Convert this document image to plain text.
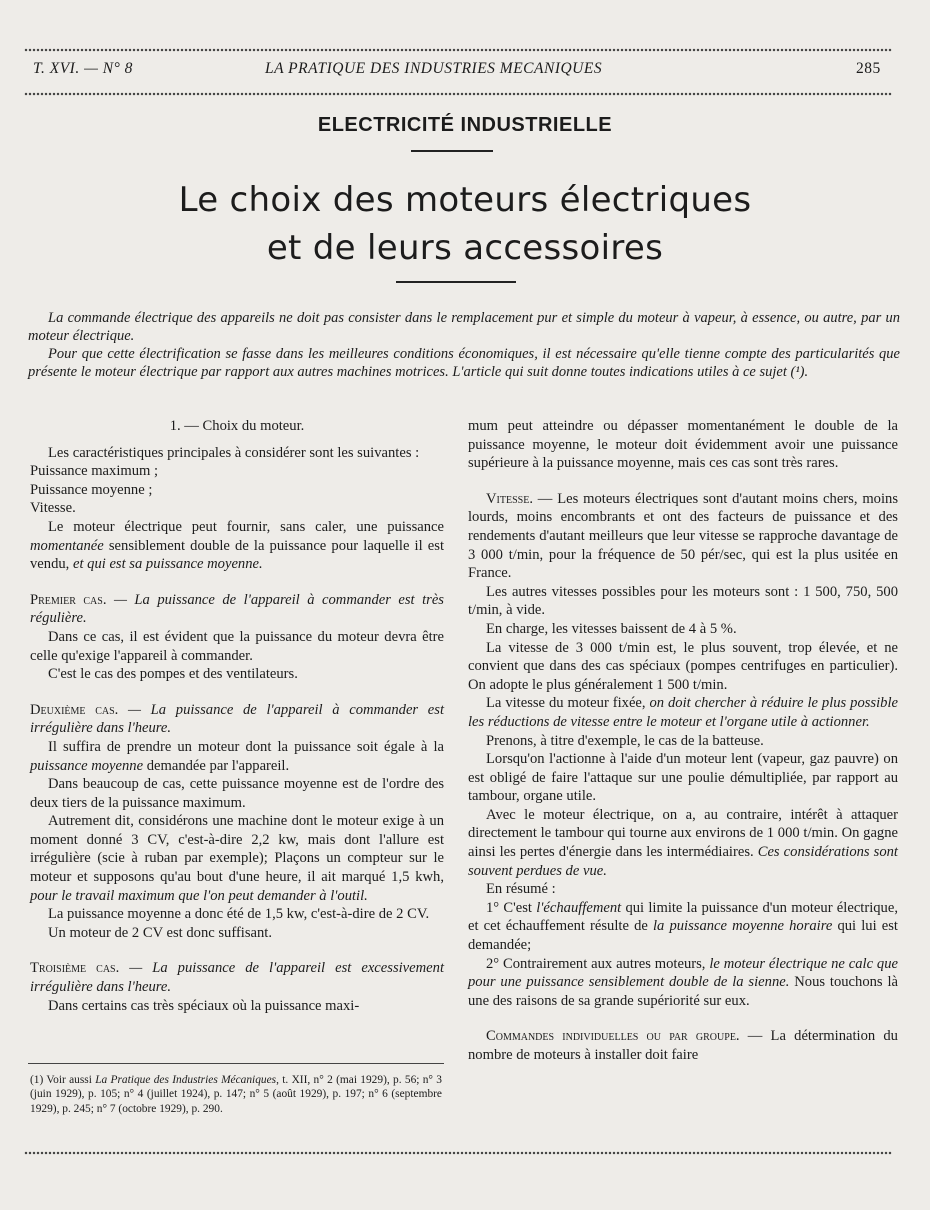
T. XVI. — N° 8	LA PRATIQUE DES INDUSTRIES MECANIQUES	285
ELECTRICITÉ INDUSTRIELLE
Le choix des moteurs électriques
et de leurs accessoires

La commande électrique des appareils ne doit pas consister dans le remplacement pur et simple du moteur à vapeur, à essence, ou autre, par un moteur électrique.

Pour que cette électrification se fasse dans les meilleures conditions économiques, il est nécessaire qu'elle tienne compte des particularités que présente le moteur électrique par rapport aux autres machines motrices. L'article qui suit donne toutes indications utiles à ce sujet (¹).

1. — Choix du moteur.

Les caractéristiques principales à considérer sont les suivantes :

Puissance maximum ;

Puissance moyenne ;

Vitesse.

Le moteur électrique peut fournir, sans caler, une puissance momentanée sensiblement double de la puissance pour laquelle il est vendu, et qui est sa puissance moyenne.

Premier cas. — La puissance de l'appareil à commander est très régulière.

Dans ce cas, il est évident que la puissance du moteur devra être celle qu'exige l'appareil à commander.

C'est le cas des pompes et des ventilateurs.

Deuxième cas. — La puissance de l'appareil à commander est irrégulière dans l'heure.

Il suffira de prendre un moteur dont la puissance soit égale à la puissance moyenne demandée par l'appareil.

Dans beaucoup de cas, cette puissance moyenne est de l'ordre des deux tiers de la puissance maximum.

Autrement dit, considérons une machine dont le moteur exige à un moment donné 3 CV, c'est-à-dire 2,2 kw, mais dont l'allure est irrégulière (scie à ruban par exemple); Plaçons un compteur sur le moteur et supposons qu'au bout d'une heure, il ait marqué 1,5 kwh, pour le travail maximum que l'on peut demander à l'outil.

La puissance moyenne a donc été de 1,5 kw, c'est-à-dire de 2 CV.

Un moteur de 2 CV est donc suffisant.

Troisième cas. — La puissance de l'appareil est excessivement irrégulière dans l'heure.

Dans certains cas très spéciaux où la puissance maxi-

(1) Voir aussi La Pratique des Industries Mécaniques, t. XII, n° 2 (mai 1929), p. 56; n° 3 (juin 1929), p. 105; n° 4 (juillet 1924), p. 147; n° 5 (août 1929), p. 197; n° 6 (septembre 1929), p. 245; n° 7 (octobre 1929), p. 290.

mum peut atteindre ou dépasser momentanément le double de la puissance moyenne, le moteur doit évidemment avoir une puissance supérieure à la puissance moyenne, mais ces cas sont très rares.

Vitesse. — Les moteurs électriques sont d'autant moins chers, moins lourds, moins encombrants et ont des facteurs de puissance et des rendements d'autant meilleurs que leur vitesse se rapproche davantage de 3 000 t/min, pour la fréquence de 50 pér/sec, qui est la plus usitée en France.

Les autres vitesses possibles pour les moteurs sont : 1 500, 750, 500 t/min, à vide.

En charge, les vitesses baissent de 4 à 5 %.

La vitesse de 3 000 t/min est, le plus souvent, trop élevée, et ne convient que dans des cas spéciaux (pompes centrifuges en particulier). On adopte le plus généralement 1 500 t/min.

La vitesse du moteur fixée, on doit chercher à réduire le plus possible les réductions de vitesse entre le moteur et l'organe utile à actionner.

Prenons, à titre d'exemple, le cas de la batteuse.

Lorsqu'on l'actionne à l'aide d'un moteur lent (vapeur, gaz pauvre) on est obligé de faire l'attaque sur une poulie démultipliée, par rapport au tambour, organe utile.

Avec le moteur électrique, on a, au contraire, intérêt à attaquer directement le tambour qui tourne aux environs de 1 000 t/min. On gagne ainsi les pertes d'énergie dans les intermédiaires. Ces considérations sont souvent perdues de vue.

En résumé :

1° C'est l'échauffement qui limite la puissance d'un moteur électrique, et cet échauffement résulte de la puissance moyenne horaire qui lui est demandée;

2° Contrairement aux autres moteurs, le moteur électrique ne calc que pour une puissance sensiblement double de la sienne. Nous touchons là une des raisons de sa grande supériorité sur eux.

Commandes individuelles ou par groupe. — La détermination du nombre de moteurs à installer doit faire
